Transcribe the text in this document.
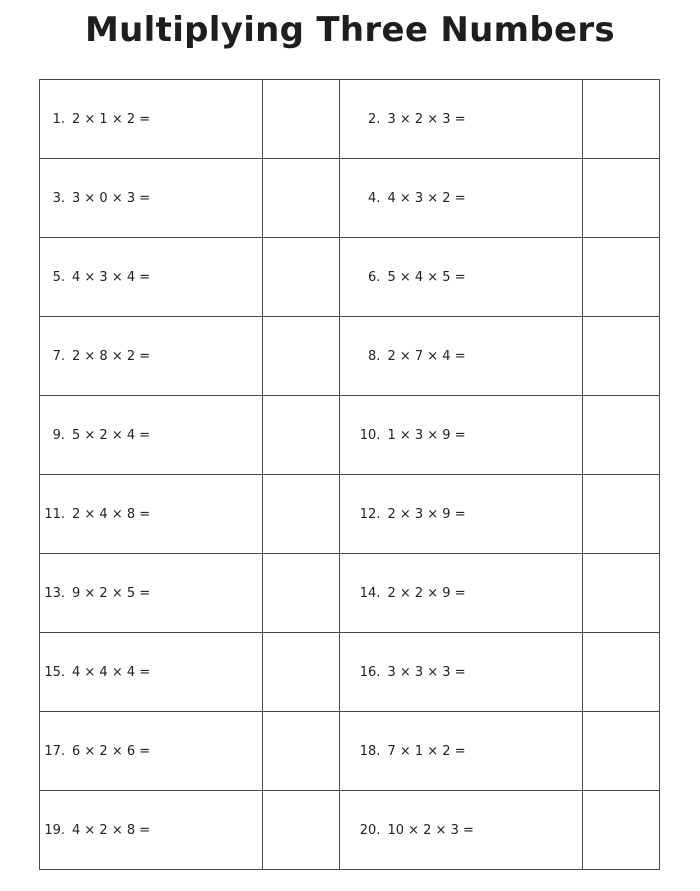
Multiplying Three Numbers
1. 2 × 1 × 2 =		2. 3 × 2 × 3 =	
3. 3 × 0 × 3 =		4. 4 × 3 × 2 =	
5. 4 × 3 × 4 =		6. 5 × 4 × 5 =	
7. 2 × 8 × 2 =		8. 2 × 7 × 4 =	
9. 5 × 2 × 4 =		10. 1 × 3 × 9 =	
11. 2 × 4 × 8 =		12. 2 × 3 × 9 =	
13. 9 × 2 × 5 =		14. 2 × 2 × 9 =	
15. 4 × 4 × 4 =		16. 3 × 3 × 3 =	
17. 6 × 2 × 6 =		18. 7 × 1 × 2 =	
19. 4 × 2 × 8 =		20. 10 × 2 × 3 =	
